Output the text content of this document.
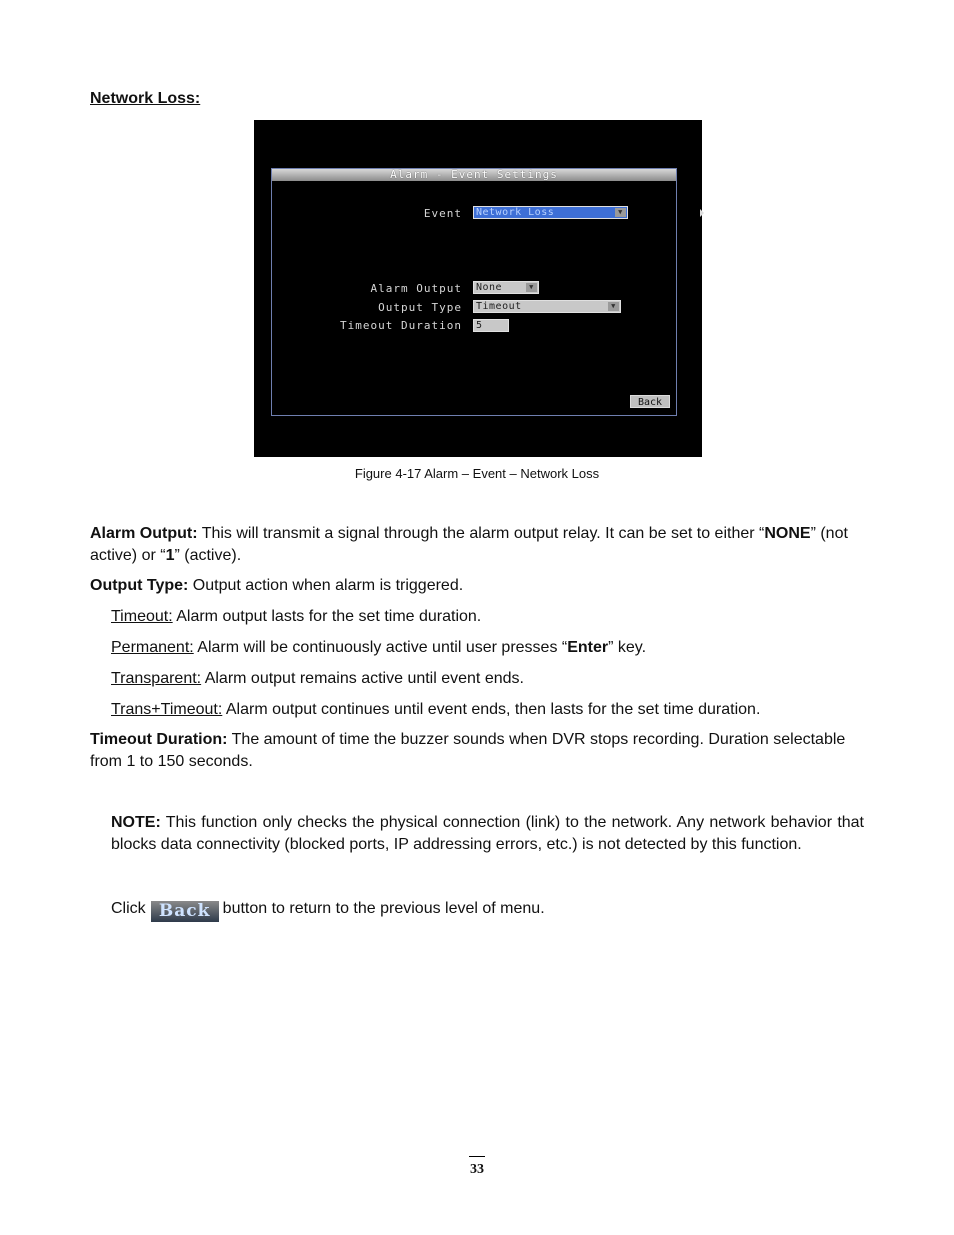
Network Loss:
Alarm - Event Settings
Event	Network Loss	▼
Alarm Output	None	▼
Output Type	Timeout	▼
Timeout Duration	5
Back
Figure 4-17 Alarm – Event – Network Loss
Alarm Output: This will transmit a signal through the alarm output relay. It can be set to either “NONE” (not active) or “1” (active).
Output Type: Output action when alarm is triggered.
Timeout: Alarm output lasts for the set time duration.
Permanent: Alarm will be continuously active until user presses “Enter” key.
Transparent: Alarm output remains active until event ends.
Trans+Timeout: Alarm output continues until event ends, then lasts for the set time duration.
Timeout Duration: The amount of time the buzzer sounds when DVR stops recording. Duration selectable from 1 to 150 seconds.
NOTE: This function only checks the physical connection (link) to the network. Any network behavior that blocks data connectivity (blocked ports, IP addressing errors, etc.) is not detected by this function.
Click Back button to return to the previous level of menu.
33
